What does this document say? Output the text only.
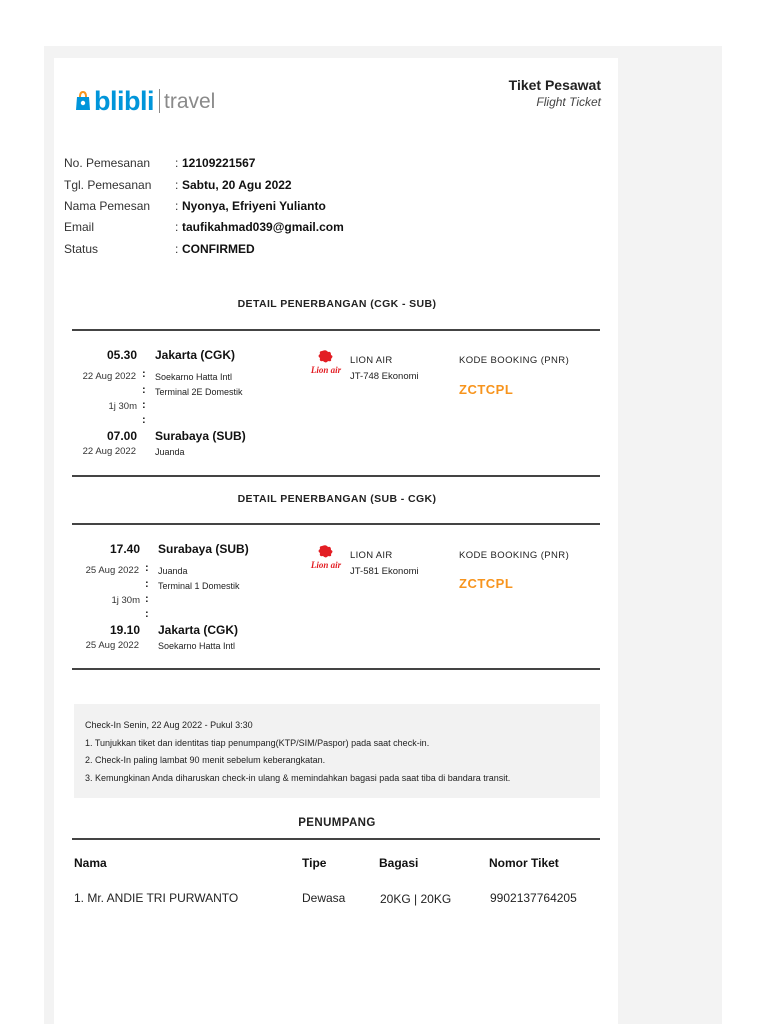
blibli travel
Tiket Pesawat
Flight Ticket
No. Pemesanan : 12109221567
Tgl. Pemesanan : Sabtu, 20 Agu 2022
Nama Pemesan : Nyonya, Efriyeni Yulianto
Email	: taufikahmad039@gmail.com
Status	: CONFIRMED
DETAIL PENERBANGAN (CGK - SUB)
05.30 Jakarta (CGK)
22 Aug 2022 : Soekarno Hatta Intl
: Terminal 2E Domestik
1j 30m :
:
07.00 Surabaya (SUB)
22 Aug 2022 Juanda
Lion air
LION AIR
JT-748 Ekonomi
KODE BOOKING (PNR)
ZCTCPL
DETAIL PENERBANGAN (SUB - CGK)
17.40 Surabaya (SUB)
25 Aug 2022 : Juanda
: Terminal 1 Domestik
1j 30m :
:
19.10 Jakarta (CGK)
25 Aug 2022 Soekarno Hatta Intl
Lion air
LION AIR
JT-581 Ekonomi
KODE BOOKING (PNR)
ZCTCPL
Check-In Senin, 22 Aug 2022 - Pukul 3:30
1. Tunjukkan tiket dan identitas tiap penumpang(KTP/SIM/Paspor) pada saat check-in.
2. Check-In paling lambat 90 menit sebelum keberangkatan.
3. Kemungkinan Anda diharuskan check-in ulang & memindahkan bagasi pada saat tiba di bandara transit.
PENUMPANG
Nama	Tipe	Bagasi	Nomor Tiket
1. Mr. ANDIE TRI PURWANTO	Dewasa	20KG | 20KG	9902137764205
